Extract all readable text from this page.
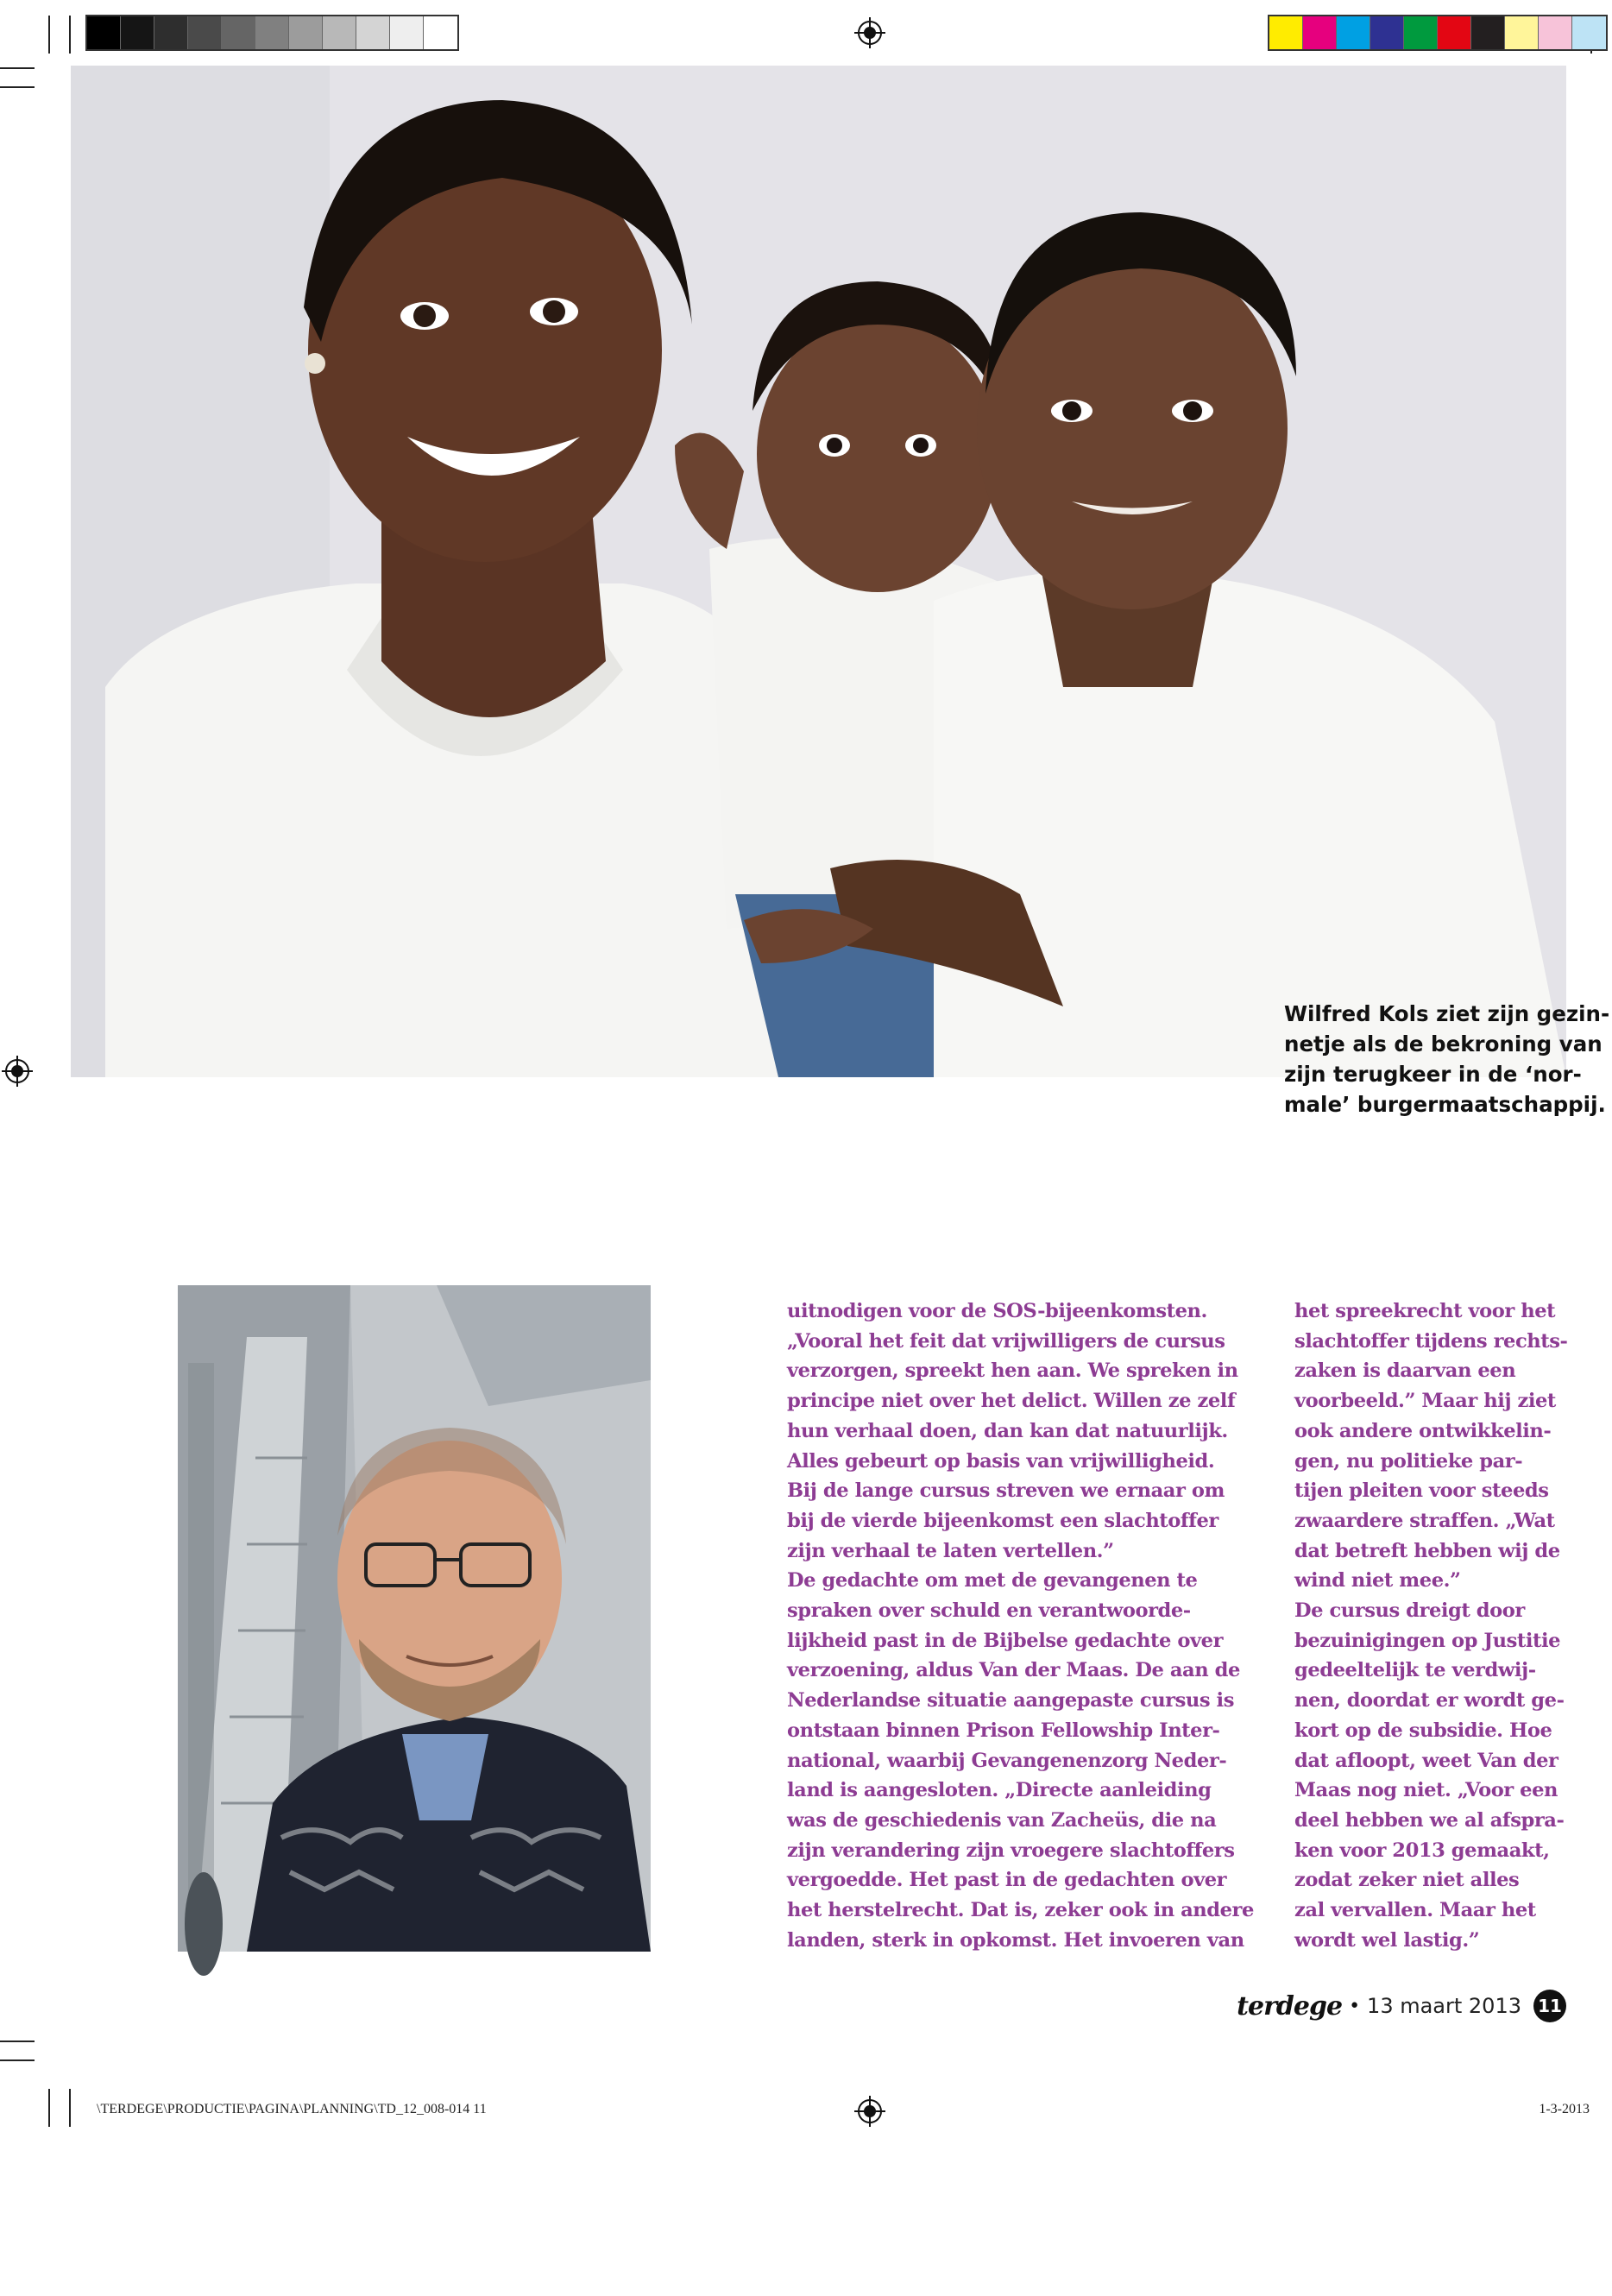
Wilfred Kols ziet zijn gezin-
netje als de bekroning van
zijn terugkeer in de ‘nor-
male’ burgermaatschappij.

uitnodigen voor de SOS-bijeenkomsten.
„Vooral het feit dat vrijwilligers de cursus
verzorgen, spreekt hen aan. We spreken in
principe niet over het delict. Willen ze zelf
hun verhaal doen, dan kan dat natuurlijk.
Alles gebeurt op basis van vrijwilligheid.
Bij de lange cursus streven we ernaar om
bij de vierde bijeenkomst een slachtoffer
zijn verhaal te laten vertellen.”
De gedachte om met de gevangenen te
spraken over schuld en verantwoorde-
lijkheid past in de Bijbelse gedachte over
verzoening, aldus Van der Maas. De aan de
Nederlandse situatie aangepaste cursus is
ontstaan binnen Prison Fellowship Inter-
national, waarbij Gevangenenzorg Neder-
land is aangesloten. „Directe aanleiding
was de geschiedenis van Zacheüs, die na
zijn verandering zijn vroegere slachtoffers
vergoedde. Het past in de gedachten over
het herstelrecht. Dat is, zeker ook in andere
landen, sterk in opkomst. Het invoeren van
het spreekrecht voor het
slachtoffer tijdens rechts-
zaken is daarvan een
voorbeeld.” Maar hij ziet
ook andere ontwikkelin-
gen, nu politieke par-
tijen pleiten voor steeds
zwaardere straffen. „Wat
dat betreft hebben wij de
wind niet mee.”
De cursus dreigt door
bezuinigingen op Justitie
gedeeltelijk te verdwij-
nen, doordat er wordt ge-
kort op de subsidie. Hoe
dat afloopt, weet Van der
Maas nog niet. „Voor een
deel hebben we al afspra-
ken voor 2013 gemaakt,
zodat zeker niet alles
zal vervallen. Maar het
wordt wel lastig.”
terdege • 13 maart 2013 11
\TERDEGE\PRODUCTIE\PAGINA\PLANNING\TD_12_008-014 11	1-3-2013
